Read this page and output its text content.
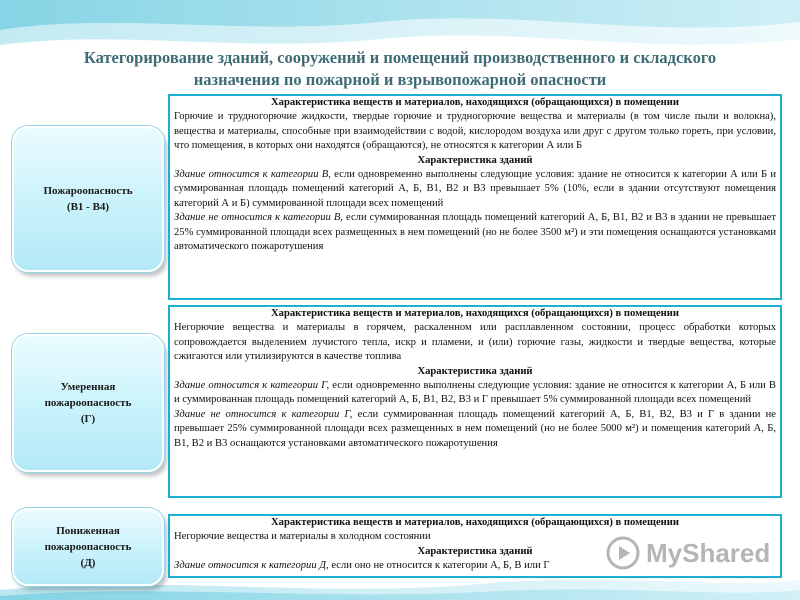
Категорирование зданий, сооружений и помещений производственного и складского назначения по пожарной и взрывопожарной опасности
Пожароопасность
(В1 - В4)
Характеристика веществ и материалов, находящихся (обращающихся) в помещении
Горючие и трудногорючие жидкости, твердые горючие и трудногорючие вещества и материалы (в том числе пыли и волокна), вещества и материалы, способные при взаимодействии с водой, кислородом воздуха или друг с другом только гореть, при условии, что помещения, в которых они находятся (обращаются), не относятся к категории А или Б
Характеристика зданий
Здание относится к категории В, если одновременно выполнены следующие условия: здание не относится к категории А или Б и суммированная площадь помещений категорий А, Б, В1, В2 и В3 превышает 5% (10%, если в здании отсутствуют помещения категорий А и Б) суммированной площади всех помещений
Здание не относится к категории В, если суммированная площадь помещений категорий А, Б, В1, В2 и В3 в здании не превышает 25% суммированной площади всех размещенных в нем помещений (но не более 3500 м²) и эти помещения оснащаются установками автоматического пожаротушения
Умеренная
пожароопасность
(Г)
Характеристика веществ и материалов, находящихся (обращающихся) в помещении
Негорючие вещества и материалы в горячем, раскаленном или расплавленном состоянии, процесс обработки которых сопровождается выделением лучистого тепла, искр и пламени, и (или) горючие газы, жидкости и твердые вещества, которые сжигаются или утилизируются в качестве топлива
Характеристика зданий
Здание относится к категории Г, если одновременно выполнены следующие условия: здание не относится к категории А, Б или В и суммированная площадь помещений категорий А, Б, В1, В2, В3 и Г превышает 5% суммированной площади всех помещений
Здание не относится к категории Г, если суммированная площадь помещений категорий А, Б, В1, В2, В3 и Г в здании не превышает 25% суммированной площади всех размещенных в нем помещений (но не более 5000 м²) и помещения категорий А, Б, В1, В2 и В3 оснащаются установками автоматического пожаротушения
Пониженная
пожароопасность
(Д)
Характеристика веществ и материалов, находящихся (обращающихся) в помещении
Негорючие вещества и материалы в холодном состоянии
Характеристика зданий
Здание относится к категории Д, если оно не относится к категории А, Б, В или Г	MyShared
